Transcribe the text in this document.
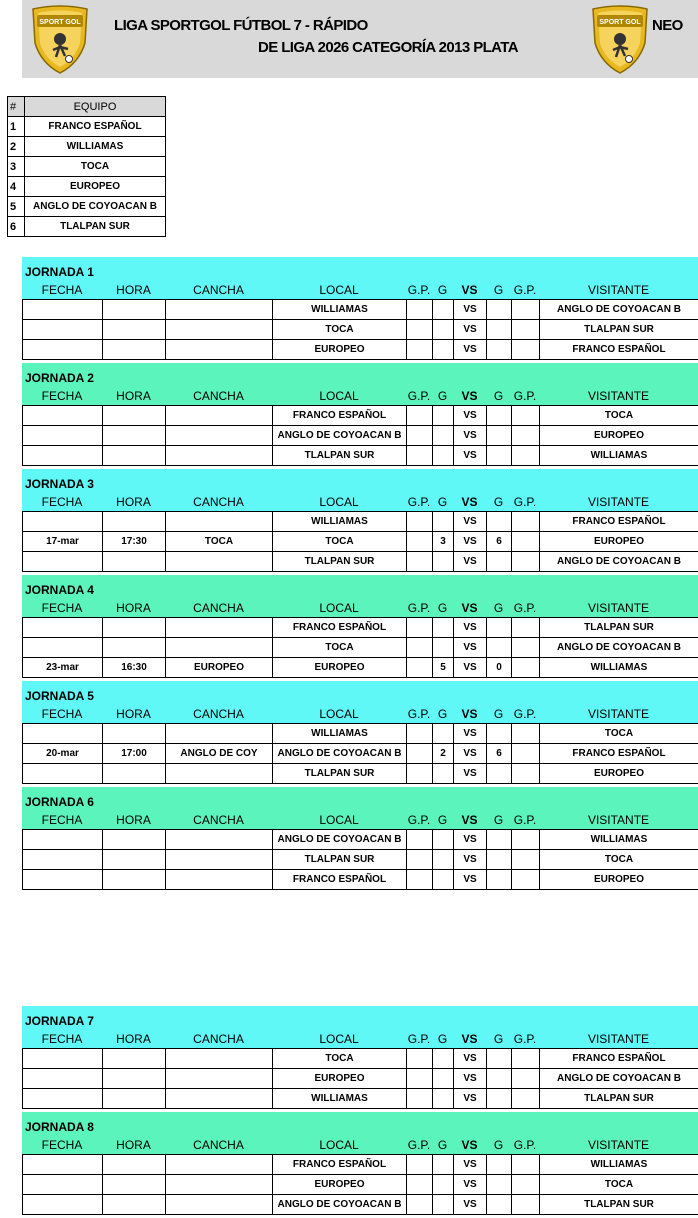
SPORT GOL LIGA SPORTGOL FÚTBOL 7 - RÁPIDO
DE LIGA 2026 CATEGORÍA 2013 PLATA
SPORT GOL NEO
#	EQUIPO
1	FRANCO ESPAÑOL
2	WILLIAMAS
3	TOCA
4	EUROPEO
5	ANGLO DE COYOACAN B
6	TLALPAN SUR
JORNADA 1
FECHA	HORA	CANCHA	LOCAL	G.P. G	VS	G G.P.	VISITANTE
			WILLIAMAS			VS			ANGLO DE COYOACAN B
			TOCA			VS			TLALPAN SUR
			EUROPEO			VS			FRANCO ESPAÑOL
JORNADA 2
FECHA	HORA	CANCHA	LOCAL	G.P. G	VS	G G.P.	VISITANTE
			FRANCO ESPAÑOL			VS			TOCA
			ANGLO DE COYOACAN B			VS			EUROPEO
			TLALPAN SUR			VS			WILLIAMAS
JORNADA 3
FECHA	HORA	CANCHA	LOCAL	G.P. G	VS	G G.P.	VISITANTE
			WILLIAMAS			VS			FRANCO ESPAÑOL
17-mar	17:30	TOCA	TOCA		3	VS	6		EUROPEO
			TLALPAN SUR			VS			ANGLO DE COYOACAN B
JORNADA 4
FECHA	HORA	CANCHA	LOCAL	G.P. G	VS	G G.P.	VISITANTE
			FRANCO ESPAÑOL			VS			TLALPAN SUR
			TOCA			VS			ANGLO DE COYOACAN B
23-mar	16:30	EUROPEO	EUROPEO		5	VS	0		WILLIAMAS
JORNADA 5
FECHA	HORA	CANCHA	LOCAL	G.P. G	VS	G G.P.	VISITANTE
			WILLIAMAS			VS			TOCA
20-mar	17:00	ANGLO DE COY	ANGLO DE COYOACAN B		2	VS	6		FRANCO ESPAÑOL
			TLALPAN SUR			VS			EUROPEO
JORNADA 6
FECHA	HORA	CANCHA	LOCAL	G.P. G	VS	G G.P.	VISITANTE
			ANGLO DE COYOACAN B			VS			WILLIAMAS
			TLALPAN SUR			VS			TOCA
			FRANCO ESPAÑOL			VS			EUROPEO
JORNADA 7
FECHA	HORA	CANCHA	LOCAL	G.P. G	VS	G G.P.	VISITANTE
			TOCA			VS			FRANCO ESPAÑOL
			EUROPEO			VS			ANGLO DE COYOACAN B
			WILLIAMAS			VS			TLALPAN SUR
JORNADA 8
FECHA	HORA	CANCHA	LOCAL	G.P. G	VS	G G.P.	VISITANTE
			FRANCO ESPAÑOL			VS			WILLIAMAS
			EUROPEO			VS			TOCA
			ANGLO DE COYOACAN B			VS			TLALPAN SUR
